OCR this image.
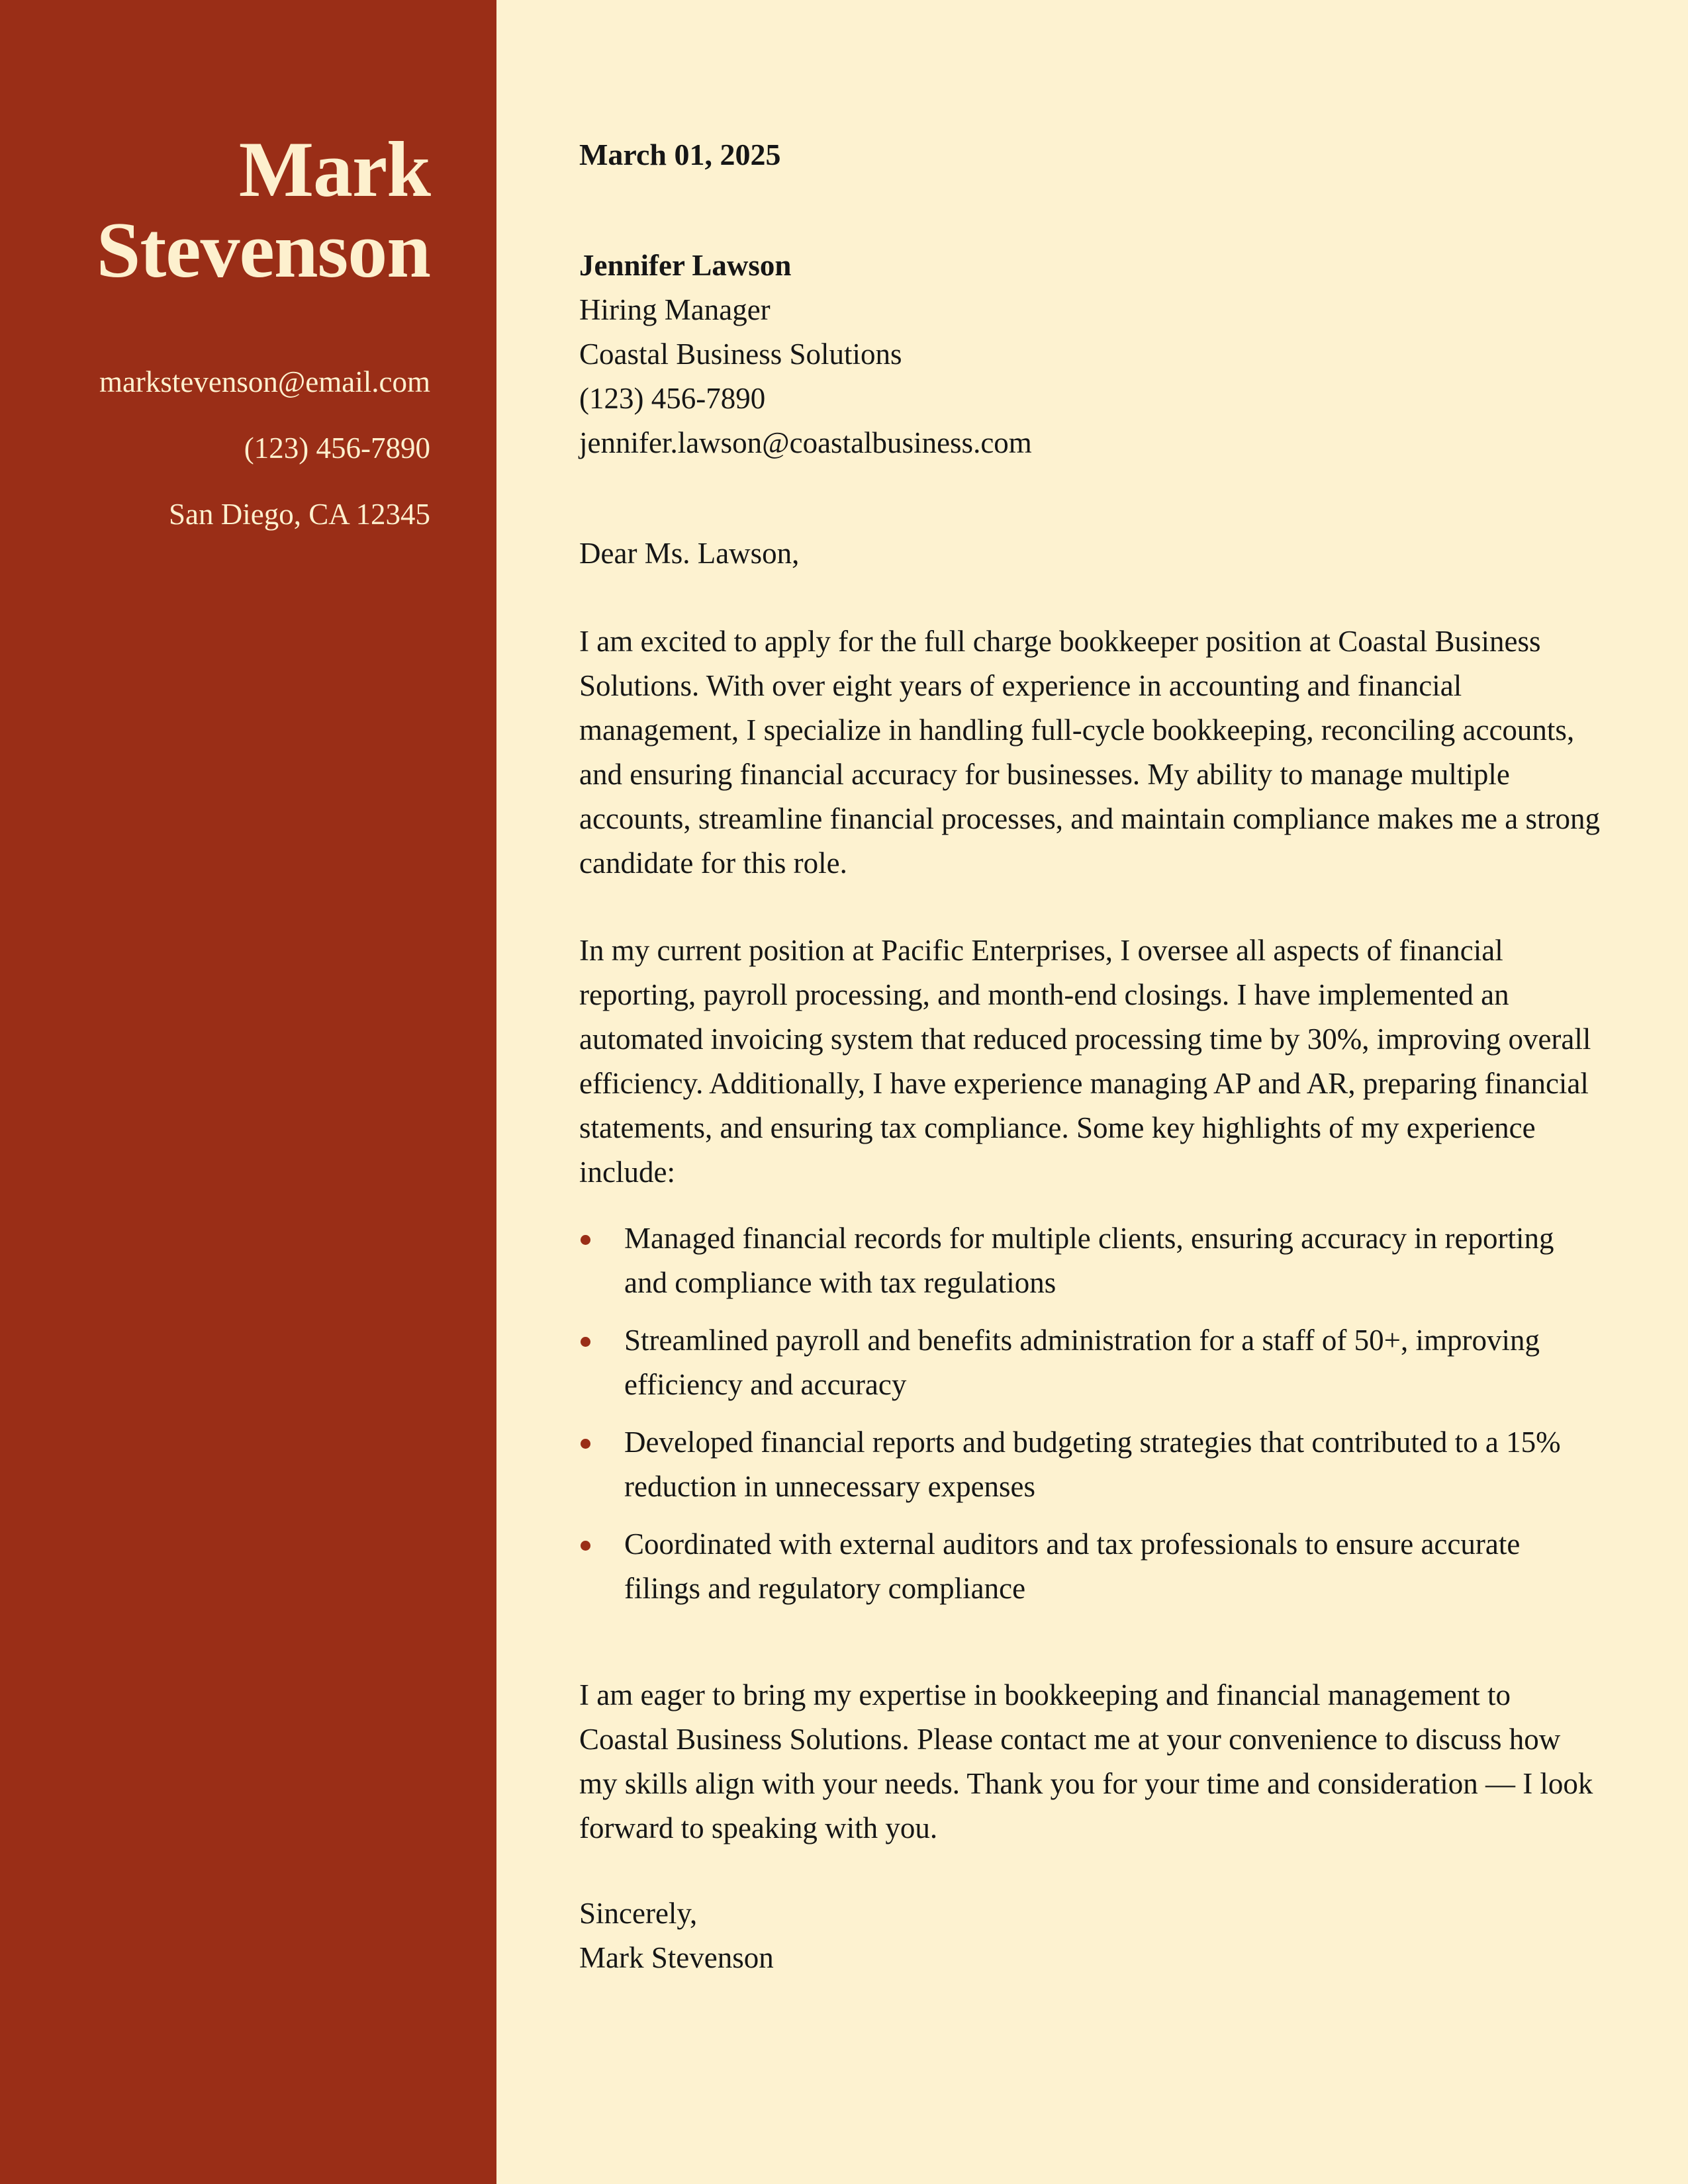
Mark
Stevenson
markstevenson@email.com
(123) 456-7890
San Diego, CA 12345
March 01, 2025
Jennifer Lawson
Hiring Manager
Coastal Business Solutions
(123) 456-7890
jennifer.lawson@coastalbusiness.com
Dear Ms. Lawson,

I am excited to apply for the full charge bookkeeper position at Coastal Business Solutions. With over eight years of experience in accounting and financial management, I specialize in handling full-cycle bookkeeping, reconciling accounts, and ensuring financial accuracy for businesses. My ability to manage multiple accounts, streamline financial processes, and maintain compliance makes me a strong candidate for this role.

In my current position at Pacific Enterprises, I oversee all aspects of financial reporting, payroll processing, and month-end closings. I have implemented an automated invoicing system that reduced processing time by 30%, improving overall efficiency. Additionally, I have experience managing AP and AR, preparing financial statements, and ensuring tax compliance. Some key highlights of my experience include:

Managed financial records for multiple clients, ensuring accuracy in reporting and compliance with tax regulations
Streamlined payroll and benefits administration for a staff of 50+, improving efficiency and accuracy
Developed financial reports and budgeting strategies that contributed to a 15% reduction in unnecessary expenses
Coordinated with external auditors and tax professionals to ensure accurate filings and regulatory compliance

I am eager to bring my expertise in bookkeeping and financial management to Coastal Business Solutions. Please contact me at your convenience to discuss how my skills align with your needs. Thank you for your time and consideration — I look forward to speaking with you.

Sincerely,
Mark Stevenson
